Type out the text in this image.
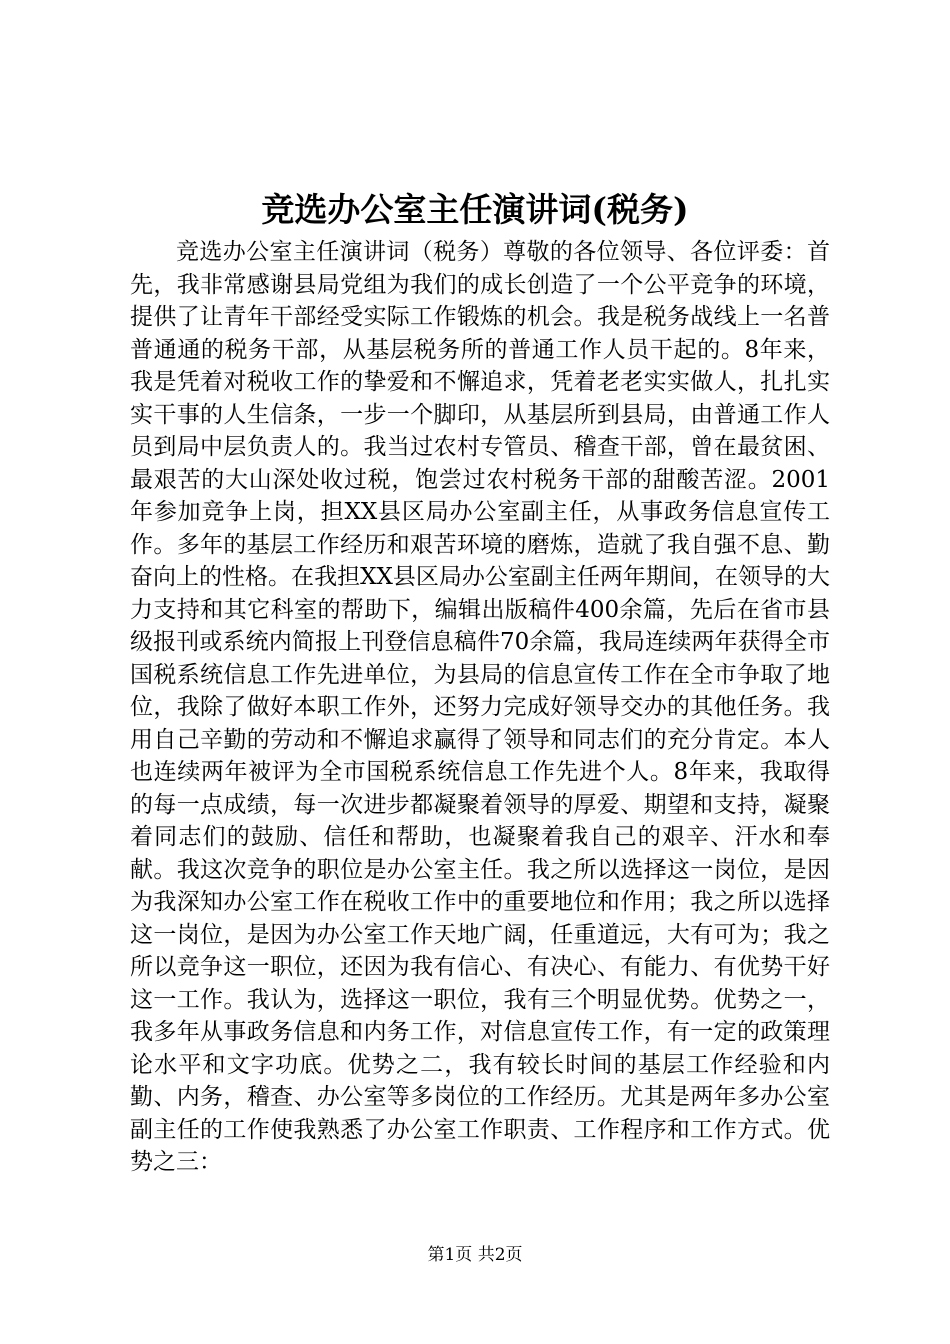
竞选办公室主任演讲词(税务)

竞选办公室主任演讲词（税务）尊敬的各位领导、各位评委：首先，我非常感谢县局党组为我们的成长创造了一个公平竞争的环境，提供了让青年干部经受实际工作锻炼的机会。我是税务战线上一名普普通通的税务干部，从基层税务所的普通工作人员干起的。8年来，我是凭着对税收工作的挚爱和不懈追求，凭着老老实实做人，扎扎实实干事的人生信条，一步一个脚印，从基层所到县局，由普通工作人员到局中层负责人的。我当过农村专管员、稽查干部，曾在最贫困、最艰苦的大山深处收过税，饱尝过农村税务干部的甜酸苦涩。2001年参加竞争上岗，担XX县区局办公室副主任，从事政务信息宣传工作。多年的基层工作经历和艰苦环境的磨炼，造就了我自强不息、勤奋向上的性格。在我担XX县区局办公室副主任两年期间，在领导的大力支持和其它科室的帮助下，编辑出版稿件400余篇，先后在省市县级报刊或系统内简报上刊登信息稿件70余篇，我局连续两年获得全市国税系统信息工作先进单位，为县局的信息宣传工作在全市争取了地位，我除了做好本职工作外，还努力完成好领导交办的其他任务。我用自己辛勤的劳动和不懈追求赢得了领导和同志们的充分肯定。本人也连续两年被评为全市国税系统信息工作先进个人。8年来，我取得的每一点成绩，每一次进步都凝聚着领导的厚爱、期望和支持，凝聚着同志们的鼓励、信任和帮助，也凝聚着我自己的艰辛、汗水和奉献。我这次竞争的职位是办公室主任。我之所以选择这一岗位，是因为我深知办公室工作在税收工作中的重要地位和作用；我之所以选择这一岗位，是因为办公室工作天地广阔，任重道远，大有可为；我之所以竞争这一职位，还因为我有信心、有决心、有能力、有优势干好这一工作。我认为，选择这一职位，我有三个明显优势。优势之一，我多年从事政务信息和内务工作，对信息宣传工作，有一定的政策理论水平和文字功底。优势之二，我有较长时间的基层工作经验和内勤、内务，稽查、办公室等多岗位的工作经历。尤其是两年多办公室副主任的工作使我熟悉了办公室工作职责、工作程序和工作方式。优势之三：

第1页 共2页
